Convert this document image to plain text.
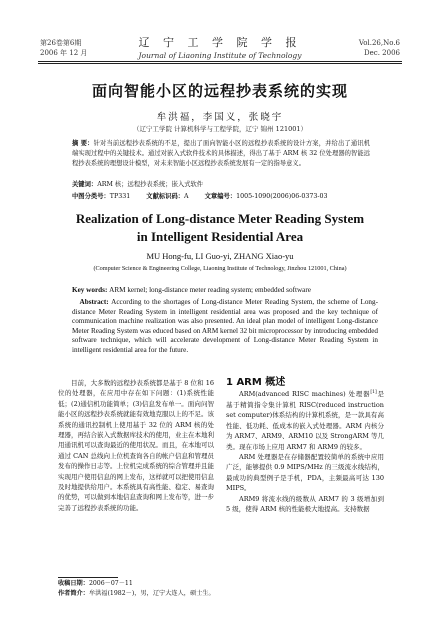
第26卷第6期
2006 年 12 月
辽 宁 工 学 院 学 报
Journal of Liaoning Institute of Technology
Vol.26,No.6
Dec. 2006
面向智能小区的远程抄表系统的实现
牟洪福，李国义，张晓宇
（辽宁工学院 计算机科学与工程学院，辽宁 锦州 121001）
摘 要：针对当前远程抄表系统的不足，提出了面向智能小区的远程抄表系统的设计方案，并给出了通讯机端实现过程中的关键技术。通过对嵌入式软件技术的具体描述，得出了基于 ARM 核 32 位处理器的智能远程抄表系统的理想设计模型，对未来智能小区远程抄表系统发展有一定的指导意义。
关键词：ARM 核；远程抄表系统；嵌入式软件
中图分类号：TP331	文献标识码：A	文章编号：1005-1090(2006)06-0373-03
Realization of Long-distance Meter Reading System
in Intelligent Residential Area
MU Hong-fu, LI Guo-yi, ZHANG Xiao-yu
(Computer Science & Engineering College, Liaoning Institute of Technology, Jinzhou 121001, China)
Key words: ARM kernel; long-distance meter reading system; embedded software
Abstract: According to the shortages of Long-distance Meter Reading System, the scheme of Long-distance Meter Reading System in intelligent residential area was proposed and the key technique of communication machine realization was also presented. An ideal plan model of intelligent Long-distance Meter Reading System was educed based on ARM kernel 32 bit microprocessor by introducing embedded software technique, which will accelerate development of Long-distance Meter Reading System in intelligent residential area for the future.

目前，大多数的远程抄表系统都是基于 8 位和 16 位的处理器，在应用中存在如下问题：(1)系统性能低；(2)通信机功能简单；(3)信息发布单一。面向问智能小区的远程抄表系统就能有效地克服以上的不足。该系统的通讯控制机上使用基于 32 位的 ARM 核的处理器，再结合嵌入式数据库技术的使用，业主在本地利用通讯机可以查询最近的使用状况。而且，在本地可以通过 CAN 总线向上位机查询各自的帐户信息和管理员发布的操作日志等。上位机完成系统的综合管理并且能实现用户使用信息的网上发布，这样就可以把使用信息及时地提供给用户。本系统具有高性能、稳定、易查询的优势，可以做到本地信息查询和网上发布等，进一步完善了远程抄表系统的功能。

1 ARM 概述

ARM(advanced RISC machines) 处理器[1]是基于精简指令集计算机 RISC(reduced instruction set computer)体系结构的计算机系统，是一款具有高性能、低功耗、低成本的嵌入式处理器。ARM 内核分为 ARM7、ARM9、ARM10 以及 StrongARM 等几类。现在市场上应用 ARM7 和 ARM9 的较多。

ARM 处理器是在存储器配置较简单的系统中应用广泛，能够提供 0.9 MIPS/MHz 的三级流水线结构，最成功的典型例子是手机，PDA，主频最高可达 130 MIPS。

ARM9 将流水线的级数从 ARM7 的 3 级增加到 5 级，使得 ARM 核的性能极大地提高。支持数据

收稿日期：2006－07－11
作者简介：牟洪福(1982－)，男，辽宁大连人，硕士生。
